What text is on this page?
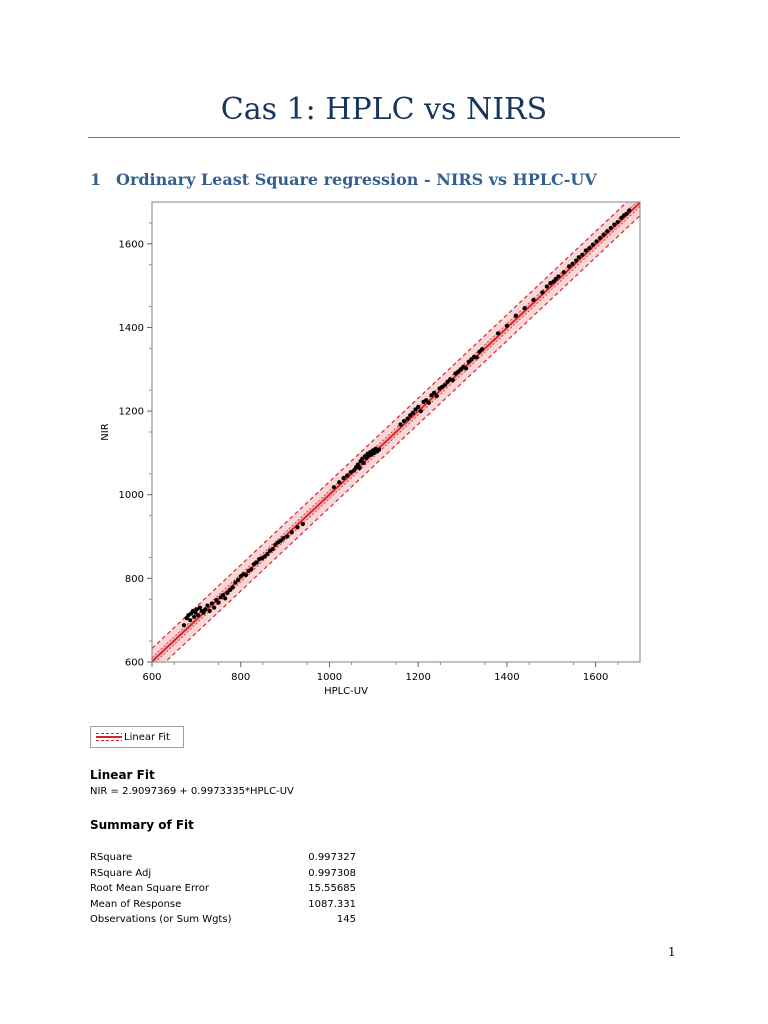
Cas 1: HPLC vs NIRS
1 Ordinary Least Square regression - NIRS vs HPLC-UV
600	800	1000	1200	1400	1600
600
800
1000
1200
1400
1600
HPLC-UV
NIR
Linear Fit
Linear Fit
NIR = 2.9097369 + 0.9973335*HPLC-UV
Summary of Fit
RSquare	0.997327
RSquare Adj	0.997308
Root Mean Square Error	15.55685
Mean of Response	1087.331
Observations (or Sum Wgts)	145
1
